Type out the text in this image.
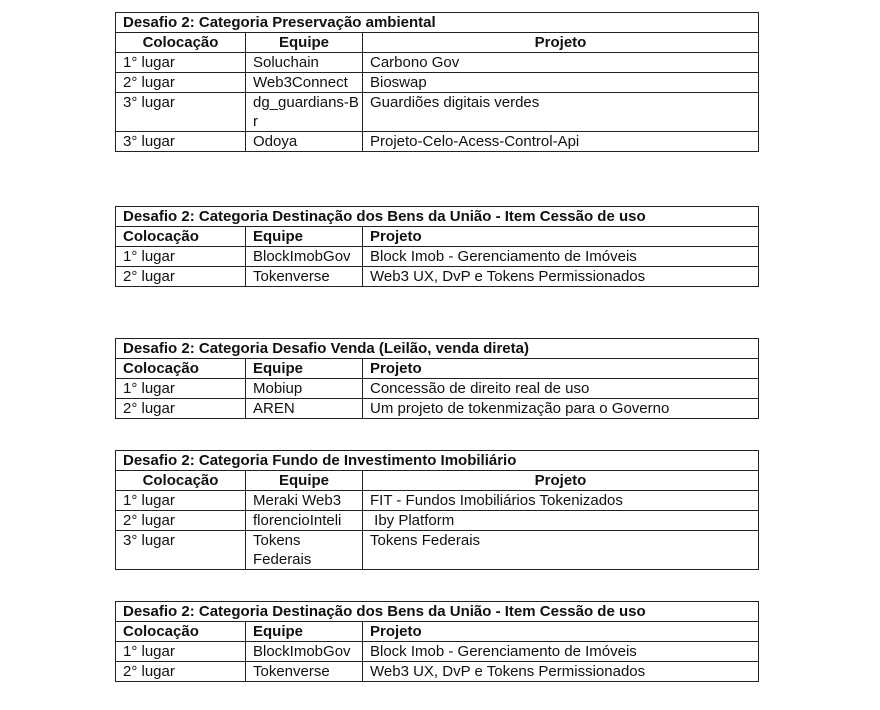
Desafio 2: Categoria Preservação ambiental		
Colocação	Equipe	Projeto
1° lugar	Soluchain	Carbono Gov
2° lugar	Web3Connect	Bioswap
3° lugar	dg_guardians-Br	Guardiões digitais verdes
3° lugar	Odoya	Projeto-Celo-Acess-Control-Api
Desafio 2: Categoria Destinação dos Bens da União - Item Cessão de uso		
Colocação	Equipe	Projeto
1° lugar	BlockImobGov	Block Imob - Gerenciamento de Imóveis
2° lugar	Tokenverse	Web3 UX, DvP e Tokens Permissionados
Desafio 2: Categoria Desafio Venda (Leilão, venda direta)		
Colocação	Equipe	Projeto
1° lugar	Mobiup	Concessão de direito real de uso
2° lugar	AREN	Um projeto de tokenmização para o Governo
Desafio 2: Categoria Fundo de Investimento Imobiliário		
Colocação	Equipe	Projeto
1° lugar	Meraki Web3	FIT - Fundos Imobiliários Tokenizados
2° lugar	florencioInteli	Iby Platform
3° lugar	Tokens Federais	Tokens Federais
Desafio 2: Categoria Destinação dos Bens da União - Item Cessão de uso		
Colocação	Equipe	Projeto
1° lugar	BlockImobGov	Block Imob - Gerenciamento de Imóveis
2° lugar	Tokenverse	Web3 UX, DvP e Tokens Permissionados
